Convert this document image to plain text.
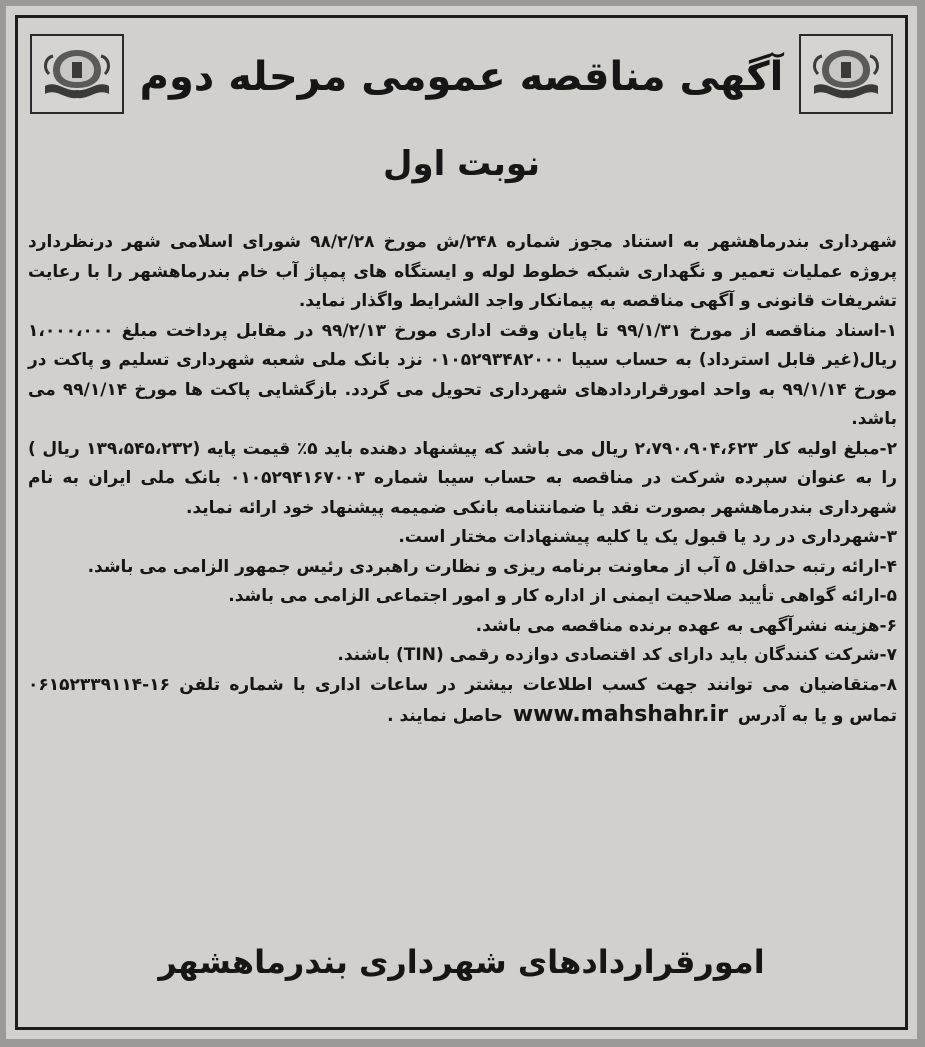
آگهی مناقصه عمومی مرحله دوم
نوبت اول

شهرداری بندرماهشهر به استناد مجوز شماره ۲۴۸/ش مورخ ۹۸/۲/۲۸ شورای اسلامی شهر درنظردارد پروژه عملیات تعمیر و نگهداری شبکه خطوط لوله و ایستگاه های پمپاژ آب خام بندرماهشهر را با رعایت تشریفات قانونی و آگهی مناقصه به پیمانکار واجد الشرایط واگذار نماید.

۱-اسناد مناقصه از مورخ ۹۹/۱/۳۱ تا پایان وقت اداری مورخ ۹۹/۲/۱۳ در مقابل پرداخت مبلغ ۱،۰۰۰،۰۰۰ ریال(غیر قابل استرداد) به حساب سیبا ۰۱۰۵۲۹۳۴۸۲۰۰۰ نزد بانک ملی شعبه شهرداری تسلیم و پاکت در مورخ ۹۹/۱/۱۴ به واحد امورقراردادهای شهرداری تحویل می گردد. بازگشایی پاکت ها مورخ ۹۹/۱/۱۴ می باشد.

۲-مبلغ اولیه کار ۲،۷۹۰،۹۰۴،۶۲۳ ریال می باشد که پیشنهاد دهنده باید ۵٪ قیمت پایه (۱۳۹،۵۴۵،۲۳۲ ریال ) را به عنوان سپرده شرکت در مناقصه به حساب سیبا شماره ۰۱۰۵۲۹۴۱۶۷۰۰۳ بانک ملی ایران به نام شهرداری بندرماهشهر بصورت نقد یا ضمانتنامه بانکی ضمیمه پیشنهاد خود ارائه نماید.

۳-شهرداری در رد یا قبول یک یا کلیه پیشنهادات مختار است.

۴-ارائه رتبه حداقل ۵ آب از معاونت برنامه ریزی و نظارت راهبردی رئیس جمهور الزامی می باشد.

۵-ارائه گواهی تأیید صلاحیت ایمنی از اداره کار و امور اجتماعی الزامی می باشد.

۶-هزینه نشرآگهی به عهده برنده مناقصه می باشد.

۷-شرکت کنندگان باید دارای کد اقتصادی دوازده رقمی (TIN) باشند.

۸-متقاضیان می توانند جهت کسب اطلاعات بیشتر در ساعات اداری با شماره تلفن ۱۶-۰۶۱۵۲۳۳۹۱۱۴ تماس و یا به آدرس www.mahshahr.ir حاصل نمایند .

امورقراردادهای شهرداری بندرماهشهر
